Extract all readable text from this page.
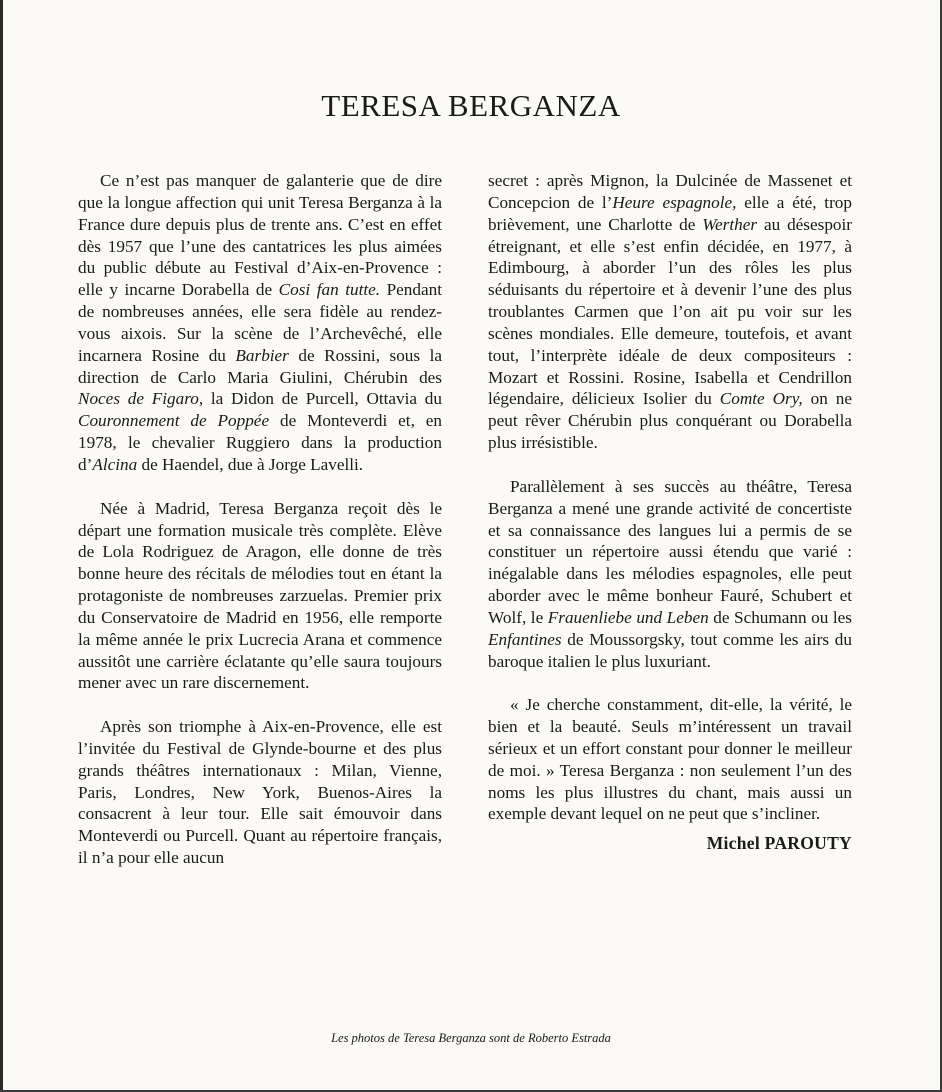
TERESA BERGANZA

Ce n’est pas manquer de galanterie que de dire que la longue affection qui unit Teresa Berganza à la France dure depuis plus de trente ans. C’est en effet dès 1957 que l’une des cantatrices les plus aimées du public débute au Festival d’Aix-en-Provence : elle y incarne Dorabella de Cosi fan tutte. Pendant de nombreuses années, elle sera fidèle au rendez-vous aixois. Sur la scène de l’Archevêché, elle incarnera Rosine du Barbier de Rossini, sous la direction de Carlo Maria Giulini, Chérubin des Noces de Figaro, la Didon de Purcell, Ottavia du Couronnement de Poppée de Monteverdi et, en 1978, le chevalier Ruggiero dans la production d’Alcina de Haendel, due à Jorge Lavelli.

Née à Madrid, Teresa Berganza reçoit dès le départ une formation musicale très complète. Elève de Lola Rodriguez de Aragon, elle donne de très bonne heure des récitals de mélodies tout en étant la protagoniste de nombreuses zarzuelas. Premier prix du Conservatoire de Madrid en 1956, elle remporte la même année le prix Lucrecia Arana et commence aussitôt une carrière éclatante qu’elle saura toujours mener avec un rare discernement.

Après son triomphe à Aix-en-Provence, elle est l’invitée du Festival de Glynde-bourne et des plus grands théâtres internationaux : Milan, Vienne, Paris, Londres, New York, Buenos-Aires la consacrent à leur tour. Elle sait émouvoir dans Monteverdi ou Purcell. Quant au répertoire français, il n’a pour elle aucun

secret : après Mignon, la Dulcinée de Massenet et Concepcion de l’Heure espagnole, elle a été, trop brièvement, une Charlotte de Werther au désespoir étreignant, et elle s’est enfin décidée, en 1977, à Edimbourg, à aborder l’un des rôles les plus séduisants du répertoire et à devenir l’une des plus troublantes Carmen que l’on ait pu voir sur les scènes mondiales. Elle demeure, toutefois, et avant tout, l’interprète idéale de deux compositeurs : Mozart et Rossini. Rosine, Isabella et Cendrillon légendaire, délicieux Isolier du Comte Ory, on ne peut rêver Chérubin plus conquérant ou Dorabella plus irrésistible.

Parallèlement à ses succès au théâtre, Teresa Berganza a mené une grande activité de concertiste et sa connaissance des langues lui a permis de se constituer un répertoire aussi étendu que varié : inégalable dans les mélodies espagnoles, elle peut aborder avec le même bonheur Fauré, Schubert et Wolf, le Frauenliebe und Leben de Schumann ou les Enfantines de Moussorgsky, tout comme les airs du baroque italien le plus luxuriant.

« Je cherche constamment, dit-elle, la vérité, le bien et la beauté. Seuls m’intéressent un travail sérieux et un effort constant pour donner le meilleur de moi. » Teresa Berganza : non seulement l’un des noms les plus illustres du chant, mais aussi un exemple devant lequel on ne peut que s’incliner.

Michel PAROUTY
Les photos de Teresa Berganza sont de Roberto Estrada
